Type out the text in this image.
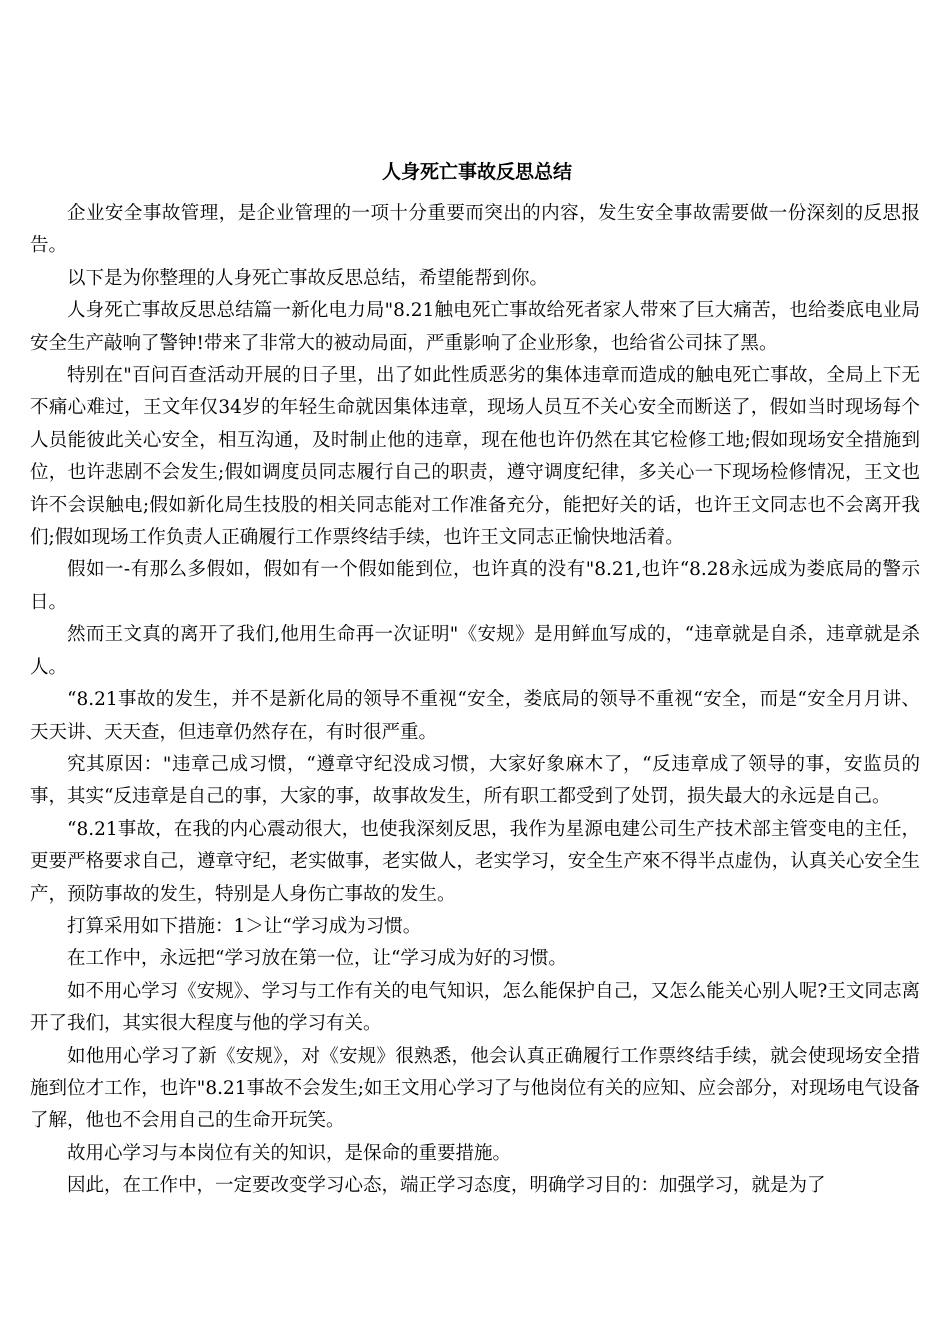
人身死亡事故反思总结

企业安全事故管理，是企业管理的一项十分重要而突出的内容，发生安全事故需要做一份深刻的反思报告。

以下是为你整理的人身死亡事故反思总结，希望能帮到你。

人身死亡事故反思总结篇一新化电力局"8.21触电死亡事故给死者家人带來了巨大痛苦，也给娄底电业局安全生产敲响了警钟!带来了非常大的被动局面，严重影响了企业形象，也给省公司抹了黑。

特别在"百问百查活动开展的日子里，出了如此性质恶劣的集体违章而造成的触电死亡事故，全局上下无不痛心难过，王文年仅34岁的年轻生命就因集体违章，现场人员互不关心安全而断送了，假如当时现场每个人员能彼此关心安全，相互沟通，及时制止他的违章，现在他也许仍然在其它检修工地;假如现场安全措施到位，也许悲剧不会发生;假如调度员同志履行自己的职责，遵守调度纪律，多关心一下现场检修情况，王文也许不会误触电;假如新化局生技股的相关同志能对工作准备充分，能把好关的话，也许王文同志也不会离开我们;假如现场工作负责人正确履行工作票终结手续，也许王文同志正愉快地活着。

假如一-有那么多假如，假如有一个假如能到位，也许真的没有"8.21,也许“8.28永远成为娄底局的警示日。

然而王文真的离开了我们,他用生命再一次证明"《安规》是用鲜血写成的，“违章就是自杀，违章就是杀人。

“8.21事故的发生，并不是新化局的领导不重视“安全，娄底局的领导不重视“安全，而是“安全月月讲、天天讲、天天查，但违章仍然存在，有时很严重。

究其原因："违章己成习惯，“遵章守纪没成习惯，大家好象麻木了，“反违章成了领导的事，安监员的事，其实“反违章是自己的事，大家的事，故事故发生，所有职工都受到了处罚，损失最大的永远是自己。

“8.21事故，在我的内心震动很大，也使我深刻反思，我作为星源电建公司生产技术部主管变电的主任，更要严格要求自己，遵章守纪，老实做事，老实做人，老实学习，安全生产來不得半点虚伪，认真关心安全生产，预防事故的发生，特别是人身伤亡事故的发生。

打算采用如下措施：1＞让“学习成为习惯。

在工作中，永远把“学习放在第一位，让“学习成为好的习惯。

如不用心学习《安规》、学习与工作有关的电气知识，怎么能保护自己，又怎么能关心别人呢?王文同志离开了我们，其实很大程度与他的学习有关。

如他用心学习了新《安规》，对《安规》很熟悉，他会认真正确履行工作票终结手续，就会使现场安全措施到位才工作，也许"8.21事故不会发生;如王文用心学习了与他岗位有关的应知、应会部分，对现场电气设备了解，他也不会用自己的生命开玩笑。

故用心学习与本岗位有关的知识，是保命的重要措施。

因此，在工作中，一定要改变学习心态，端正学习态度，明确学习目的：加强学习，就是为了
